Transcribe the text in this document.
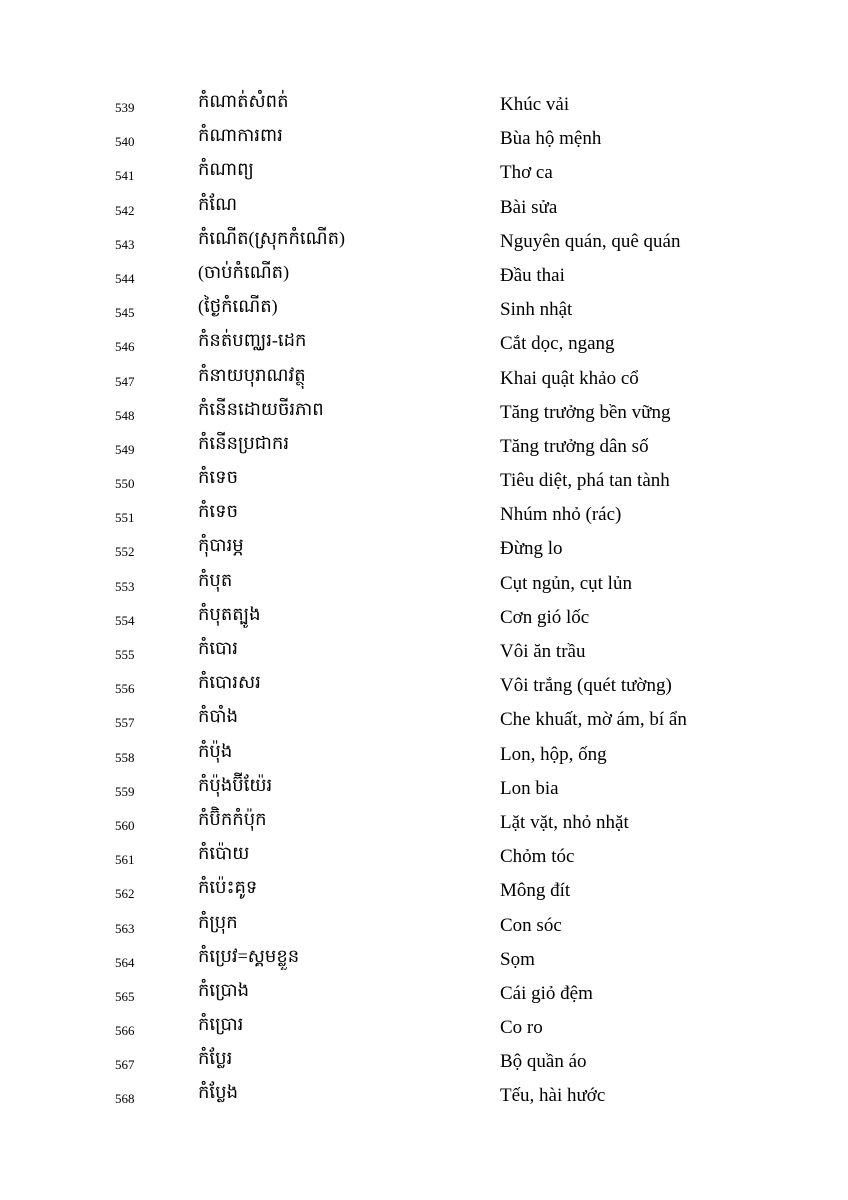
539	កំណាត់សំពត់	Khúc vải
540	កំណាការពារ	Bùa hộ mệnh
541	កំណាព្យ	Thơ ca
542	កំណែ	Bài sửa
543	កំណើត(ស្រុកកំណើត)	Nguyên quán, quê quán
544	(ចាប់កំណើត)	Đầu thai
545	(ថ្ងៃកំណើត)	Sinh nhật
546	កំនត់បញ្ឈរ-ដេក	Cắt dọc, ngang
547	កំនាយបុរាណវត្ថុ	Khai quật khảo cổ
548	កំនើនដោយចីរភាព	Tăng trưởng bền vững
549	កំនើនប្រជាករ	Tăng trưởng dân số
550	កំទេច	Tiêu diệt, phá tan tành
551	កំទេច	Nhúm nhỏ (rác)
552	កុំបារម្ភ	Đừng lo
553	កំបុត	Cụt ngủn, cụt lủn
554	កំបុតត្បូង	Cơn gió lốc
555	កំបោរ	Vôi ăn trầu
556	កំបោរសរ	Vôi trắng (quét tường)
557	កំបាំង	Che khuất, mờ ám, bí ẩn
558	កំប៉ុង	Lon, hộp, ống
559	កំប៉ុងប៊ីយ៉ែរ	Lon bia
560	កំប៊ិកកំប៉ុក	Lặt vặt, nhỏ nhặt
561	កំប៉ោយ	Chỏm tóc
562	កំប៉េះគូទ	Mông đít
563	កំប្រុក	Con sóc
564	កំប្រេវ=ស្គមខ្លួន	Sọm
565	កំប្រោង	Cái giỏ đệm
566	កំប្រោរ	Co ro
567	កំប្លែរ	Bộ quần áo
568	កំប្លែង	Tếu, hài hước
